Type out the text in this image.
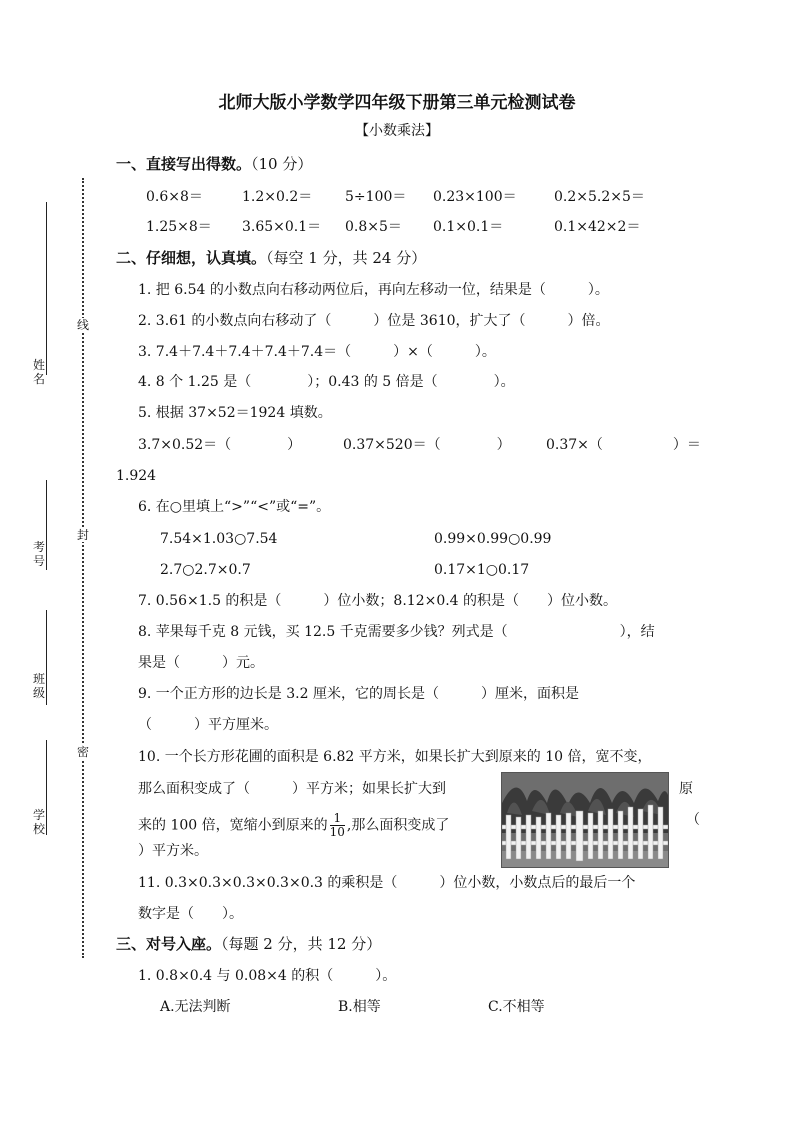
北师大版小学数学四年级下册第三单元检测试卷
【小数乘法】
姓名
考号
班级
学校
线
封
密
一、直接写出得数。（10 分）
0.6×8＝	1.2×0.2＝ 5÷100＝ 0.23×100＝	0.2×5.2×5＝
1.25×8＝ 3.65×0.1＝ 0.8×5＝ 0.1×0.1＝	0.1×42×2＝
二、仔细想，认真填。（每空 1 分，共 24 分）
1. 把 6.54 的小数点向右移动两位后，再向左移动一位，结果是（　　　）。
2. 3.61 的小数点向右移动了（　　　）位是 3610，扩大了（　　　）倍。
3. 7.4＋7.4＋7.4＋7.4＋7.4＝（　　　）×（　　　）。
4. 8 个 1.25 是（　　　　）；0.43 的 5 倍是（　　　　）。
5. 根据 37×52＝1924 填数。
3.7×0.52＝（　　　　）	0.37×520＝（　　　　）	0.37×（　　　　　）＝
1.924
6. 在○里填上“>”“<”或“=”。
7.54×1.03○7.54	0.99×0.99○0.99
2.7○2.7×0.7	0.17×1○0.17
7. 0.56×1.5 的积是（　　　）位小数；8.12×0.4 的积是（　　）位小数。
8. 苹果每千克 8 元钱，买 12.5 千克需要多少钱？列式是（　　　　　　　　），结
果是（　　　）元。
9. 一个正方形的边长是 3.2 厘米，它的周长是（　　　）厘米，面积是
（　　　）平方厘米。
10. 一个长方形花圃的面积是 6.82 平方米，如果长扩大到原来的 10 倍，宽不变，
那么面积变成了（　　　）平方米；如果长扩大到	原
来的 100 倍，宽缩小到原来的 $\frac{1}{10}$ ,那么面积变成了	（
）平方米。
11. 0.3×0.3×0.3×0.3×0.3 的乘积是（　　　）位小数，小数点后的最后一个
数字是（　　）。
三、对号入座。（每题 2 分，共 12 分）
1. 0.8×0.4 与 0.08×4 的积（　　　）。
A.无法判断	B.相等	C.不相等
